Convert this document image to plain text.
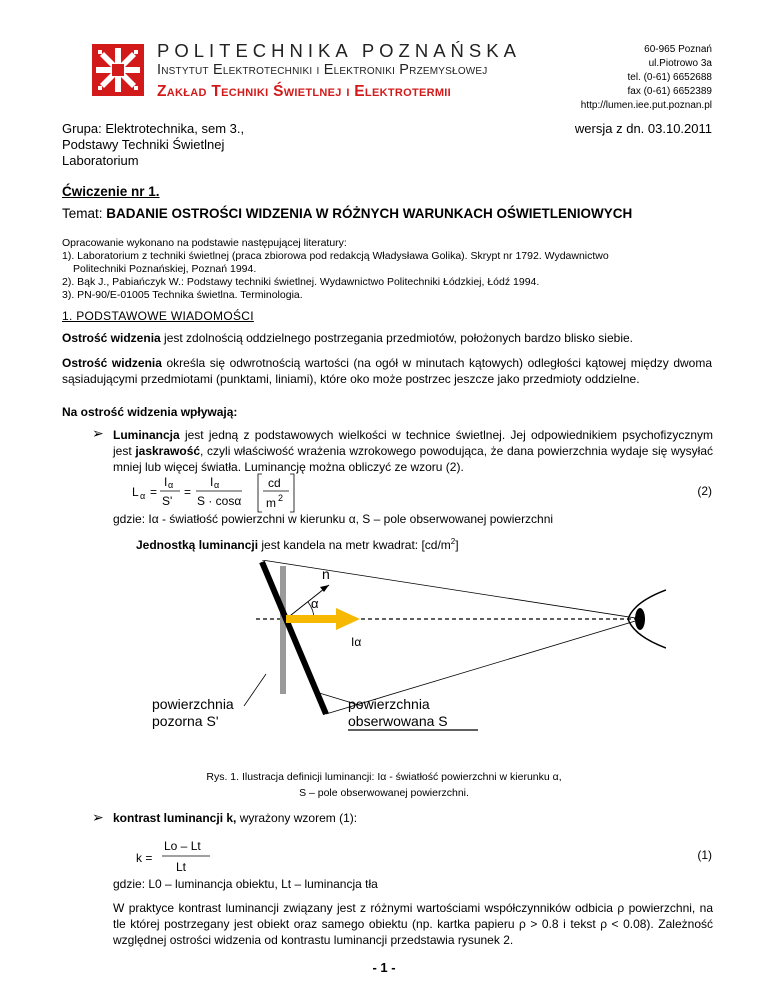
POLITECHNIKA POZNAŃSKA
Instytut Elektrotechniki i Elektroniki Przemysłowej
Zakład Techniki Świetlnej i Elektrotermii
60-965 Poznań
ul.Piotrowo 3a
tel. (0-61) 6652688
fax (0-61) 6652389
http://lumen.iee.put.poznan.pl
Grupa: Elektrotechnika, sem 3.,
Podstawy Techniki Świetlnej
Laboratorium
wersja z dn. 03.10.2011
Ćwiczenie nr 1.
Temat: BADANIE OSTROŚCI WIDZENIA W RÓŻNYCH WARUNKACH OŚWIETLENIOWYCH
Opracowanie wykonano na podstawie następującej literatury:
1). Laboratorium z techniki świetlnej (praca zbiorowa pod redakcją Władysława Golika). Skrypt nr 1792. Wydawnictwo
Politechniki Poznańskiej, Poznań 1994.
2). Bąk J., Pabiańczyk W.: Podstawy techniki świetlnej. Wydawnictwo Politechniki Łódzkiej, Łódź 1994.
3). PN-90/E-01005 Technika świetlna. Terminologia.
1. PODSTAWOWE WIADOMOŚCI
Ostrość widzenia jest zdolnością oddzielnego postrzegania przedmiotów, położonych bardzo blisko siebie.
Ostrość widzenia określa się odwrotnością wartości (na ogół w minutach kątowych) odległości kątowej między dwoma sąsiadującymi przedmiotami (punktami, liniami), które oko może postrzec jeszcze jako przedmioty oddzielne.
Na ostrość widzenia wpływają:
➢ Luminancja jest jedną z podstawowych wielkości w technice świetlnej. Jej odpowiednikiem psychofizycznym jest jaskrawość, czyli właściwość wrażenia wzrokowego powodująca, że dana powierzchnia wydaje się wysyłać mniej lub więcej światła. Luminancję można obliczyć ze wzoru (2).
L α =
I α
S'
=
I α
S · cosα
cd
m 2	(2)
gdzie: Iα - światłość powierzchni w kierunku α, S – pole obserwowanej powierzchni
Jednostką luminancji jest kandela na metr kwadrat: $[cd/m^2]$
n
α
Iα
powierzchnia
pozorna S'
powierzchnia
obserwowana S
Rys. 1. Ilustracja definicji luminancji: Iα - światłość powierzchni w kierunku α,
S – pole obserwowanej powierzchni.
➢ kontrast luminancji k, wyrażony wzorem (1):
k =
Lo – Lt
Lt
(1)
gdzie: L0 – luminancja obiektu, Lt – luminancja tła
W praktyce kontrast luminancji związany jest z różnymi wartościami współczynników odbicia ρ powierzchni, na tle której postrzegany jest obiekt oraz samego obiektu (np. kartka papieru ρ > 0.8 i tekst ρ < 0.08). Zależność względnej ostrości widzenia od kontrastu luminancji przedstawia rysunek 2.
- 1 -
